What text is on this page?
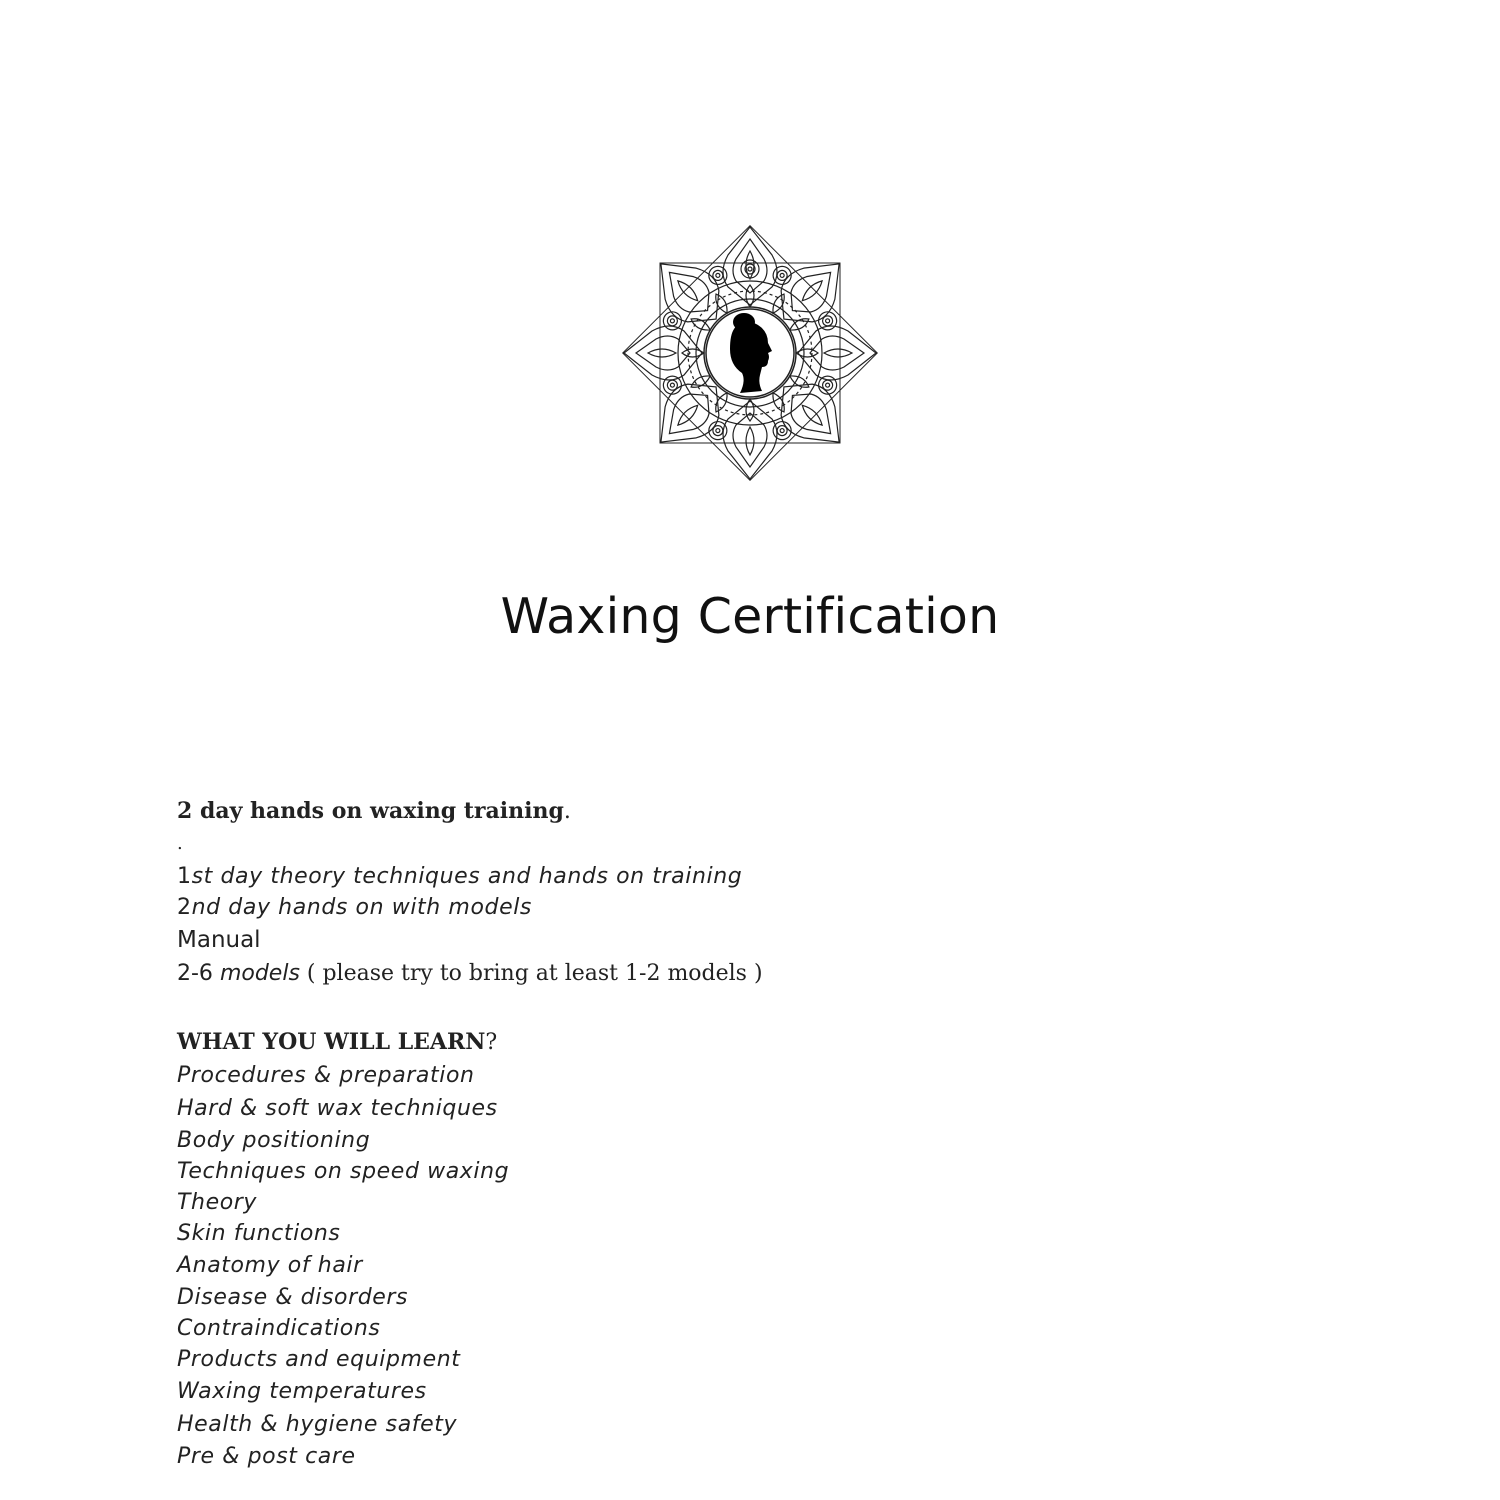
Waxing Certification
2 day hands on waxing training.
.
1st day theory techniques and hands on training
2nd day hands on with models
Manual
2-6 models ( please try to bring at least 1-2 models )
WHAT YOU WILL LEARN?
Procedures & preparation
Hard & soft wax techniques
Body positioning
Techniques on speed waxing
Theory
Skin functions
Anatomy of hair
Disease & disorders
Contraindications
Products and equipment
Waxing temperatures
Health & hygiene safety
Pre & post care
